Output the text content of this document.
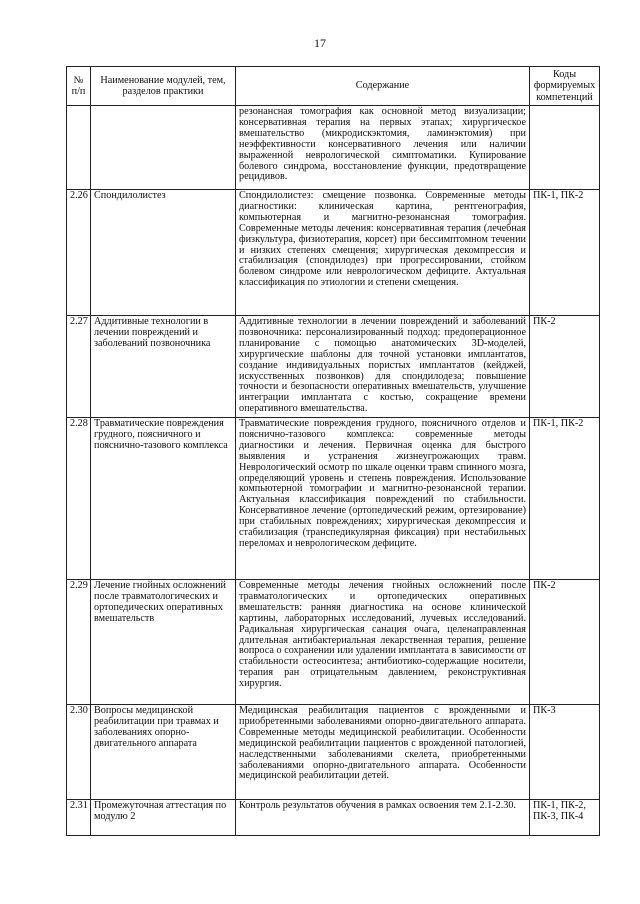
17
№ п/п	Наименование модулей, тем, разделов практики	Содержание	Коды формируемых компетенций
		резонансная томография как основной метод визуализации; консервативная терапия на первых этапах; хирургическое вмешательство (микродискэктомия, ламинэктомия) при неэффективности консервативного лечения или наличии выраженной неврологической симптоматики. Купирование болевого синдрома, восстановление функции, предотвращение рецидивов.	
2.26	Спондилолистез	Спондилолистез: смещение позвонка. Современные методы диагностики: клиническая картина, рентгенография, компьютерная и магнитно-резонансная томография. Современные методы лечения: консервативная терапия (лечебная физкультура, физиотерапия, корсет) при бессимптомном течении и низких степенях смещения; хирургическая декомпрессия и стабилизация (спондилодез) при прогрессировании, стойком болевом синдроме или неврологическом дефиците. Актуальная классификация по этиологии и степени смещения.	ПК-1, ПК-2
2.27	Аддитивные технологии в лечении повреждений и заболеваний позвоночника	Аддитивные технологии в лечении повреждений и заболеваний позвоночника: персонализированный подход: предоперационное планирование с помощью анатомических 3D-моделей, хирургические шаблоны для точной установки имплантатов, создание индивидуальных пористых имплантатов (кейджей, искусственных позвонков) для спондилодеза; повышение точности и безопасности оперативных вмешательств, улучшение интеграции имплантата с костью, сокращение времени оперативного вмешательства.	ПК-2
2.28	Травматические повреждения грудного, поясничного и пояснично-тазового комплекса	Травматические повреждения грудного, поясничного отделов и пояснично-тазового комплекса: современные методы диагностики и лечения. Первичная оценка для быстрого выявления и устранения жизнеугрожающих травм. Неврологический осмотр по шкале оценки травм спинного мозга, определяющий уровень и степень повреждения. Использование компьютерной томографии и магнитно-резонансной терапии. Актуальная классификация повреждений по стабильности. Консервативное лечение (ортопедический режим, ортезирование) при стабильных повреждениях; хирургическая декомпрессия и стабилизация (транспедикулярная фиксация) при нестабильных переломах и неврологическом дефиците.	ПК-1, ПК-2
2.29	Лечение гнойных осложнений после травматологических и ортопедических оперативных вмешательств	Современные методы лечения гнойных осложнений после травматологических и ортопедических оперативных вмешательств: ранняя диагностика на основе клинической картины, лабораторных исследований, лучевых исследований. Радикальная хирургическая санация очага, целенаправленная длительная антибактериальная лекарственная терапия, решение вопроса о сохранении или удалении имплантата в зависимости от стабильности остеосинтеза; антибиотико-содержащие носители, терапия ран отрицательным давлением, реконструктивная хирургия.	ПК-2
2.30	Вопросы медицинской реабилитации при травмах и заболеваниях опорно-двигательного аппарата	Медицинская реабилитация пациентов с врожденными и приобретенными заболеваниями опорно-двигательного аппарата. Современные методы медицинской реабилитации. Особенности медицинской реабилитации пациентов с врожденной патологией, наследственными заболеваниями скелета, приобретенными заболеваниями опорно-двигательного аппарата. Особенности медицинской реабилитации детей.	ПК-3
2.31	Промежуточная аттестация по модулю 2	Контроль результатов обучения в рамках освоения тем 2.1-2.30.	ПК-1, ПК-2, ПК-3, ПК-4
